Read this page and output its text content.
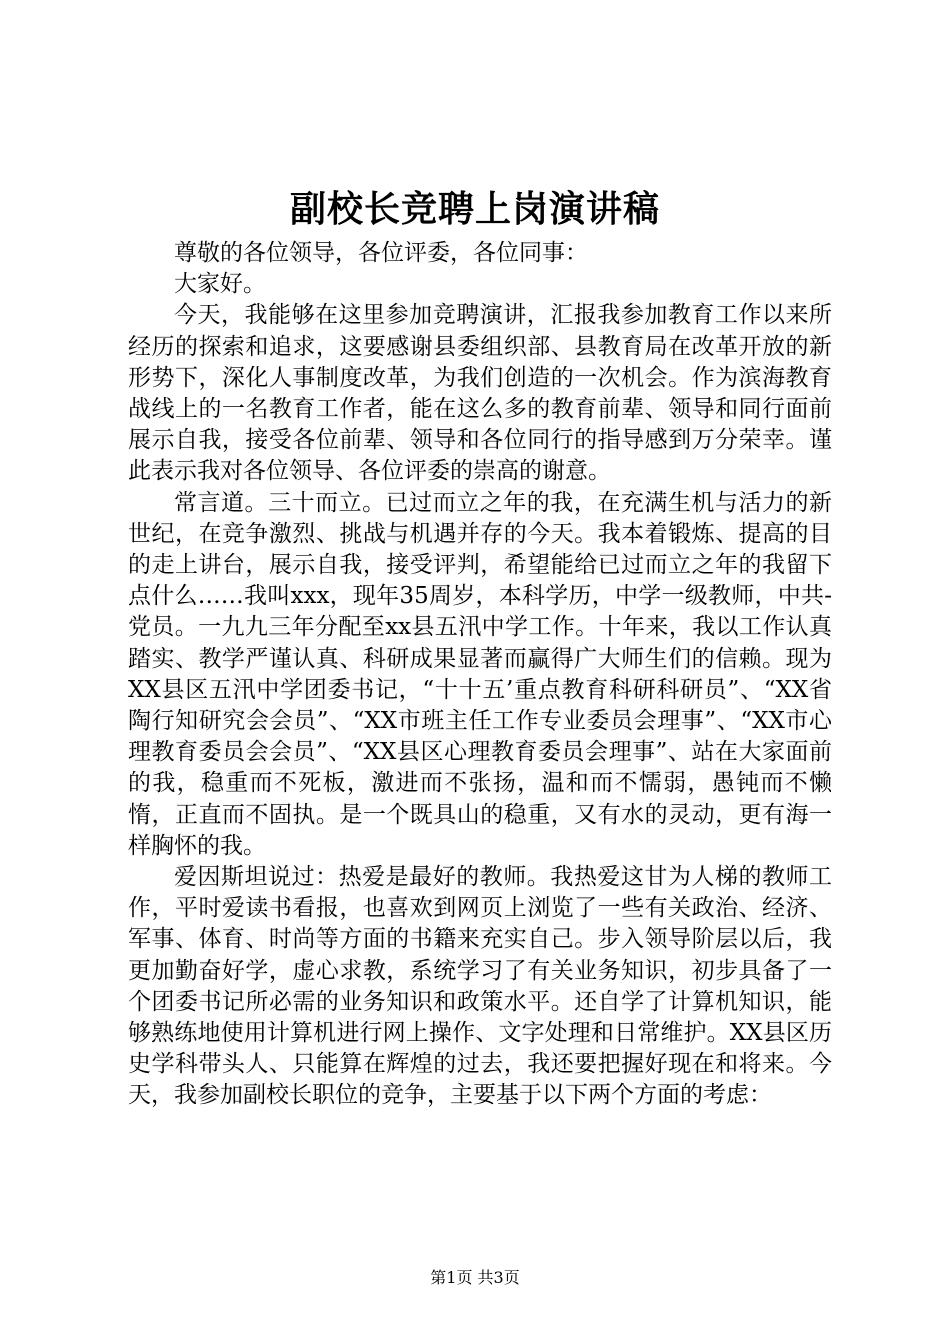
副校长竞聘上岗演讲稿

尊敬的各位领导，各位评委，各位同事：

大家好。

今天，我能够在这里参加竞聘演讲，汇报我参加教育工作以来所经历的探索和追求，这要感谢县委组织部、县教育局在改革开放的新形势下，深化人事制度改革，为我们创造的一次机会。作为滨海教育战线上的一名教育工作者，能在这么多的教育前辈、领导和同行面前展示自我，接受各位前辈、领导和各位同行的指导感到万分荣幸。谨此表示我对各位领导、各位评委的崇高的谢意。

常言道。三十而立。已过而立之年的我，在充满生机与活力的新世纪，在竞争激烈、挑战与机遇并存的今天。我本着锻炼、提高的目的走上讲台，展示自我，接受评判，希望能给已过而立之年的我留下点什么……我叫xxx，现年35周岁，本科学历，中学一级教师，中共-党员。一九九三年分配至xx县五汛中学工作。十年来，我以工作认真踏实、教学严谨认真、科研成果显著而赢得广大师生们的信赖。现为XX县区五汛中学团委书记，“十十五’重点教育科研科研员”、“XX省陶行知研究会会员”、“XX市班主任工作专业委员会理事”、“XX市心理教育委员会会员”、“XX县区心理教育委员会理事”、站在大家面前的我，稳重而不死板，激进而不张扬，温和而不懦弱，愚钝而不懒惰，正直而不固执。是一个既具山的稳重，又有水的灵动，更有海一样胸怀的我。

爱因斯坦说过：热爱是最好的教师。我热爱这甘为人梯的教师工作，平时爱读书看报，也喜欢到网页上浏览了一些有关政治、经济、军事、体育、时尚等方面的书籍来充实自己。步入领导阶层以后，我更加勤奋好学，虚心求教，系统学习了有关业务知识，初步具备了一个团委书记所必需的业务知识和政策水平。还自学了计算机知识，能够熟练地使用计算机进行网上操作、文字处理和日常维护。XX县区历史学科带头人、只能算在辉煌的过去，我还要把握好现在和将来。今天，我参加副校长职位的竞争，主要基于以下两个方面的考虑：

第1页 共3页
